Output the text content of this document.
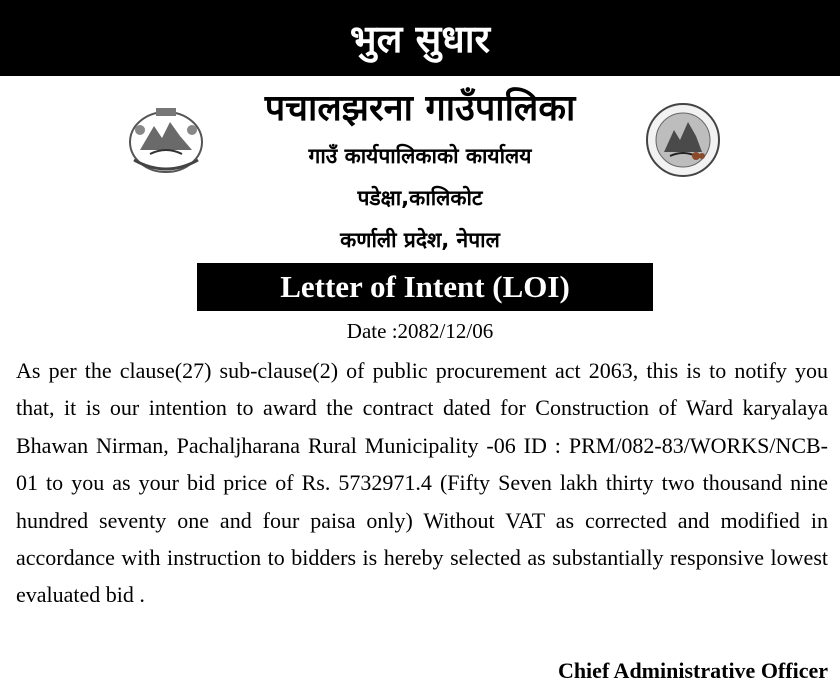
भुल सुधार
पचालझरना गाउँपालिका
गाउँ कार्यपालिकाको कार्यालय
पडेक्षा,कालिकोट
कर्णाली प्रदेश, नेपाल
Letter of Intent (LOI)
Date :2082/12/06

As per the clause(27) sub-clause(2) of public procurement act 2063, this is to notify you that, it is our intention to award the contract dated for Construction of Ward karyalaya Bhawan Nirman, Pachaljharana Rural Municipality -06 ID : PRM/082-83/WORKS/NCB-01 to you as your bid price of Rs. 5732971.4 (Fifty Seven lakh thirty two thousand nine hundred seventy one and four paisa only) Without VAT as corrected and modified in accordance with instruction to bidders is hereby selected as substantially responsive lowest evaluated bid .

Chief Administrative Officer
